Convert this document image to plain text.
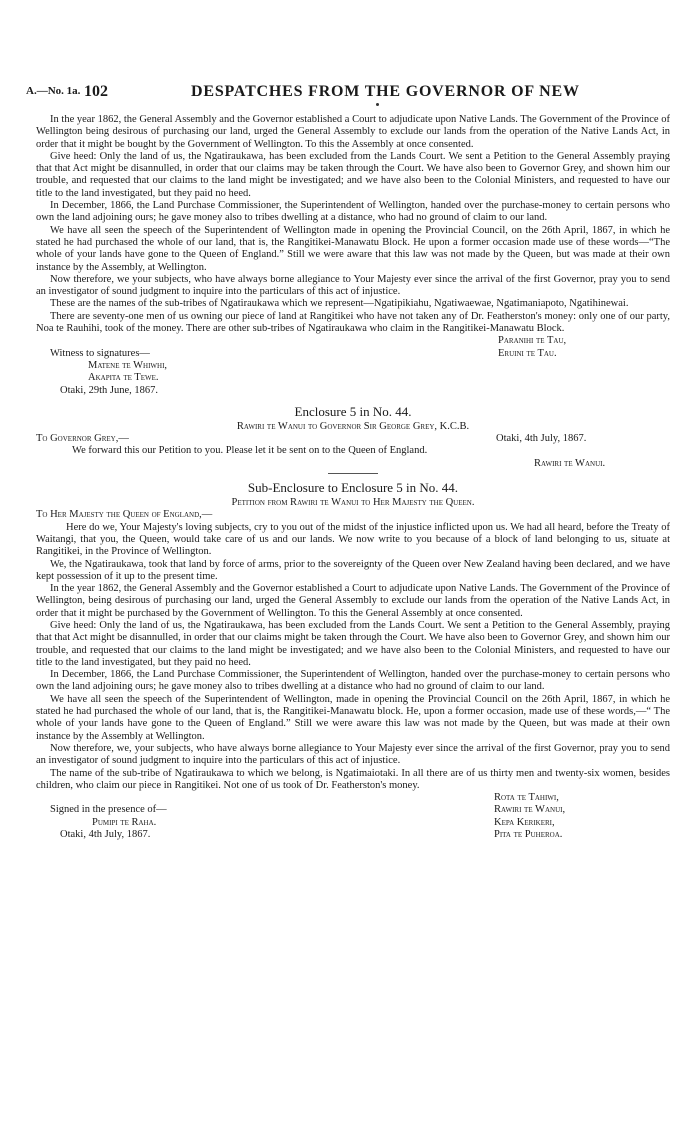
A.—No. 1a. 102	DESPATCHES FROM THE GOVERNOR OF NEW

In the year 1862, the General Assembly and the Governor established a Court to adjudicate upon Native Lands. The Government of the Province of Wellington being desirous of purchasing our land, urged the General Assembly to exclude our lands from the operation of the Native Lands Act, in order that it might be bought by the Government of Wellington. To this the Assembly at once consented.

Give heed: Only the land of us, the Ngatiraukawa, has been excluded from the Lands Court. We sent a Petition to the General Assembly praying that that Act might be disannulled, in order that our claims may be taken through the Court. We have also been to Governor Grey, and shown him our trouble, and requested that our claims to the land might be investigated; and we have also been to the Colonial Ministers, and requested to have our title to the land investigated, but they paid no heed.

In December, 1866, the Land Purchase Commissioner, the Superintendent of Wellington, handed over the purchase-money to certain persons who own the land adjoining ours; he gave money also to tribes dwelling at a distance, who had no ground of claim to our land.

We have all seen the speech of the Superintendent of Wellington made in opening the Provincial Council, on the 26th April, 1867, in which he stated he had purchased the whole of our land, that is, the Rangitikei-Manawatu Block. He upon a former occasion made use of these words—“The whole of your lands have gone to the Queen of England.” Still we were aware that this law was not made by the Queen, but was made at their own instance by the Assembly, at Wellington.

Now therefore, we your subjects, who have always borne allegiance to Your Majesty ever since the arrival of the first Governor, pray you to send an investigator of sound judgment to inquire into the particulars of this act of injustice.

These are the names of the sub-tribes of Ngatiraukawa which we represent—Ngatipikiahu, Ngatiwaewae, Ngatimaniapoto, Ngatihinewai.

There are seventy-one men of us owning our piece of land at Rangitikei who have not taken any of Dr. Featherston's money: only one of our party, Noa te Rauhihi, took of the money. There are other sub-tribes of Ngatiraukawa who claim in the Rangitikei-Manawatu Block.

Paranihi te Tau,
Witness to signatures—	Eruini te Tau.
Matene te Whiwhi,
Akapita te Tewe.
Otaki, 29th June, 1867.
Enclosure 5 in No. 44.
Rawiri te Wanui to Governor Sir George Grey, K.C.B.
To Governor Grey,—	Otaki, 4th July, 1867.

We forward this our Petition to you. Please let it be sent on to the Queen of England.

Rawiri te Wanui.
Sub-Enclosure to Enclosure 5 in No. 44.
Petition from Rawiri te Wanui to Her Majesty the Queen.
To Her Majesty the Queen of England,—

Here do we, Your Majesty's loving subjects, cry to you out of the midst of the injustice inflicted upon us. We had all heard, before the Treaty of Waitangi, that you, the Queen, would take care of us and our lands. We now write to you because of a block of land belonging to us, situate at Rangitikei, in the Province of Wellington.

We, the Ngatiraukawa, took that land by force of arms, prior to the sovereignty of the Queen over New Zealand having been declared, and we have kept possession of it up to the present time.

In the year 1862, the General Assembly and the Governor established a Court to adjudicate upon Native Lands. The Government of the Province of Wellington, being desirous of purchasing our land, urged the General Assembly to exclude our lands from the operation of the Native Lands Act, in order that it might be purchased by the Government of Wellington. To this the General Assembly at once consented.

Give heed: Only the land of us, the Ngatiraukawa, has been excluded from the Lands Court. We sent a Petition to the General Assembly, praying that that Act might be disannulled, in order that our claims might be taken through the Court. We have also been to Governor Grey, and shown him our trouble, and requested that our claims to the land might be investigated; and we have also been to the Colonial Ministers, and requested to have our title to the land investigated, but they paid no heed.

In December, 1866, the Land Purchase Commissioner, the Superintendent of Wellington, handed over the purchase-money to certain persons who own the land adjoining ours; he gave money also to tribes dwelling at a distance who had no ground of claim to our land.

We have all seen the speech of the Superintendent of Wellington, made in opening the Provincial Council on the 26th April, 1867, in which he stated he had purchased the whole of our land, that is, the Rangitikei-Manawatu block. He, upon a former occasion, made use of these words,—“ The whole of your lands have gone to the Queen of England.” Still we were aware this law was not made by the Queen, but was made at their own instance by the Assembly at Wellington.

Now therefore, we, your subjects, who have always borne allegiance to Your Majesty ever since the arrival of the first Governor, pray you to send an investigator of sound judgment to inquire into the particulars of this act of injustice.

The name of the sub-tribe of Ngatiraukawa to which we belong, is Ngatimaiotaki. In all there are of us thirty men and twenty-six women, besides children, who claim our piece in Rangitikei. Not one of us took of Dr. Featherston's money.

Rota te Tahiwi,
Signed in the presence of—	Rawiri te Wanui,
Pumipi te Raha.	Kepa Kerikeri,
Otaki, 4th July, 1867.	Pita te Puheroa.
